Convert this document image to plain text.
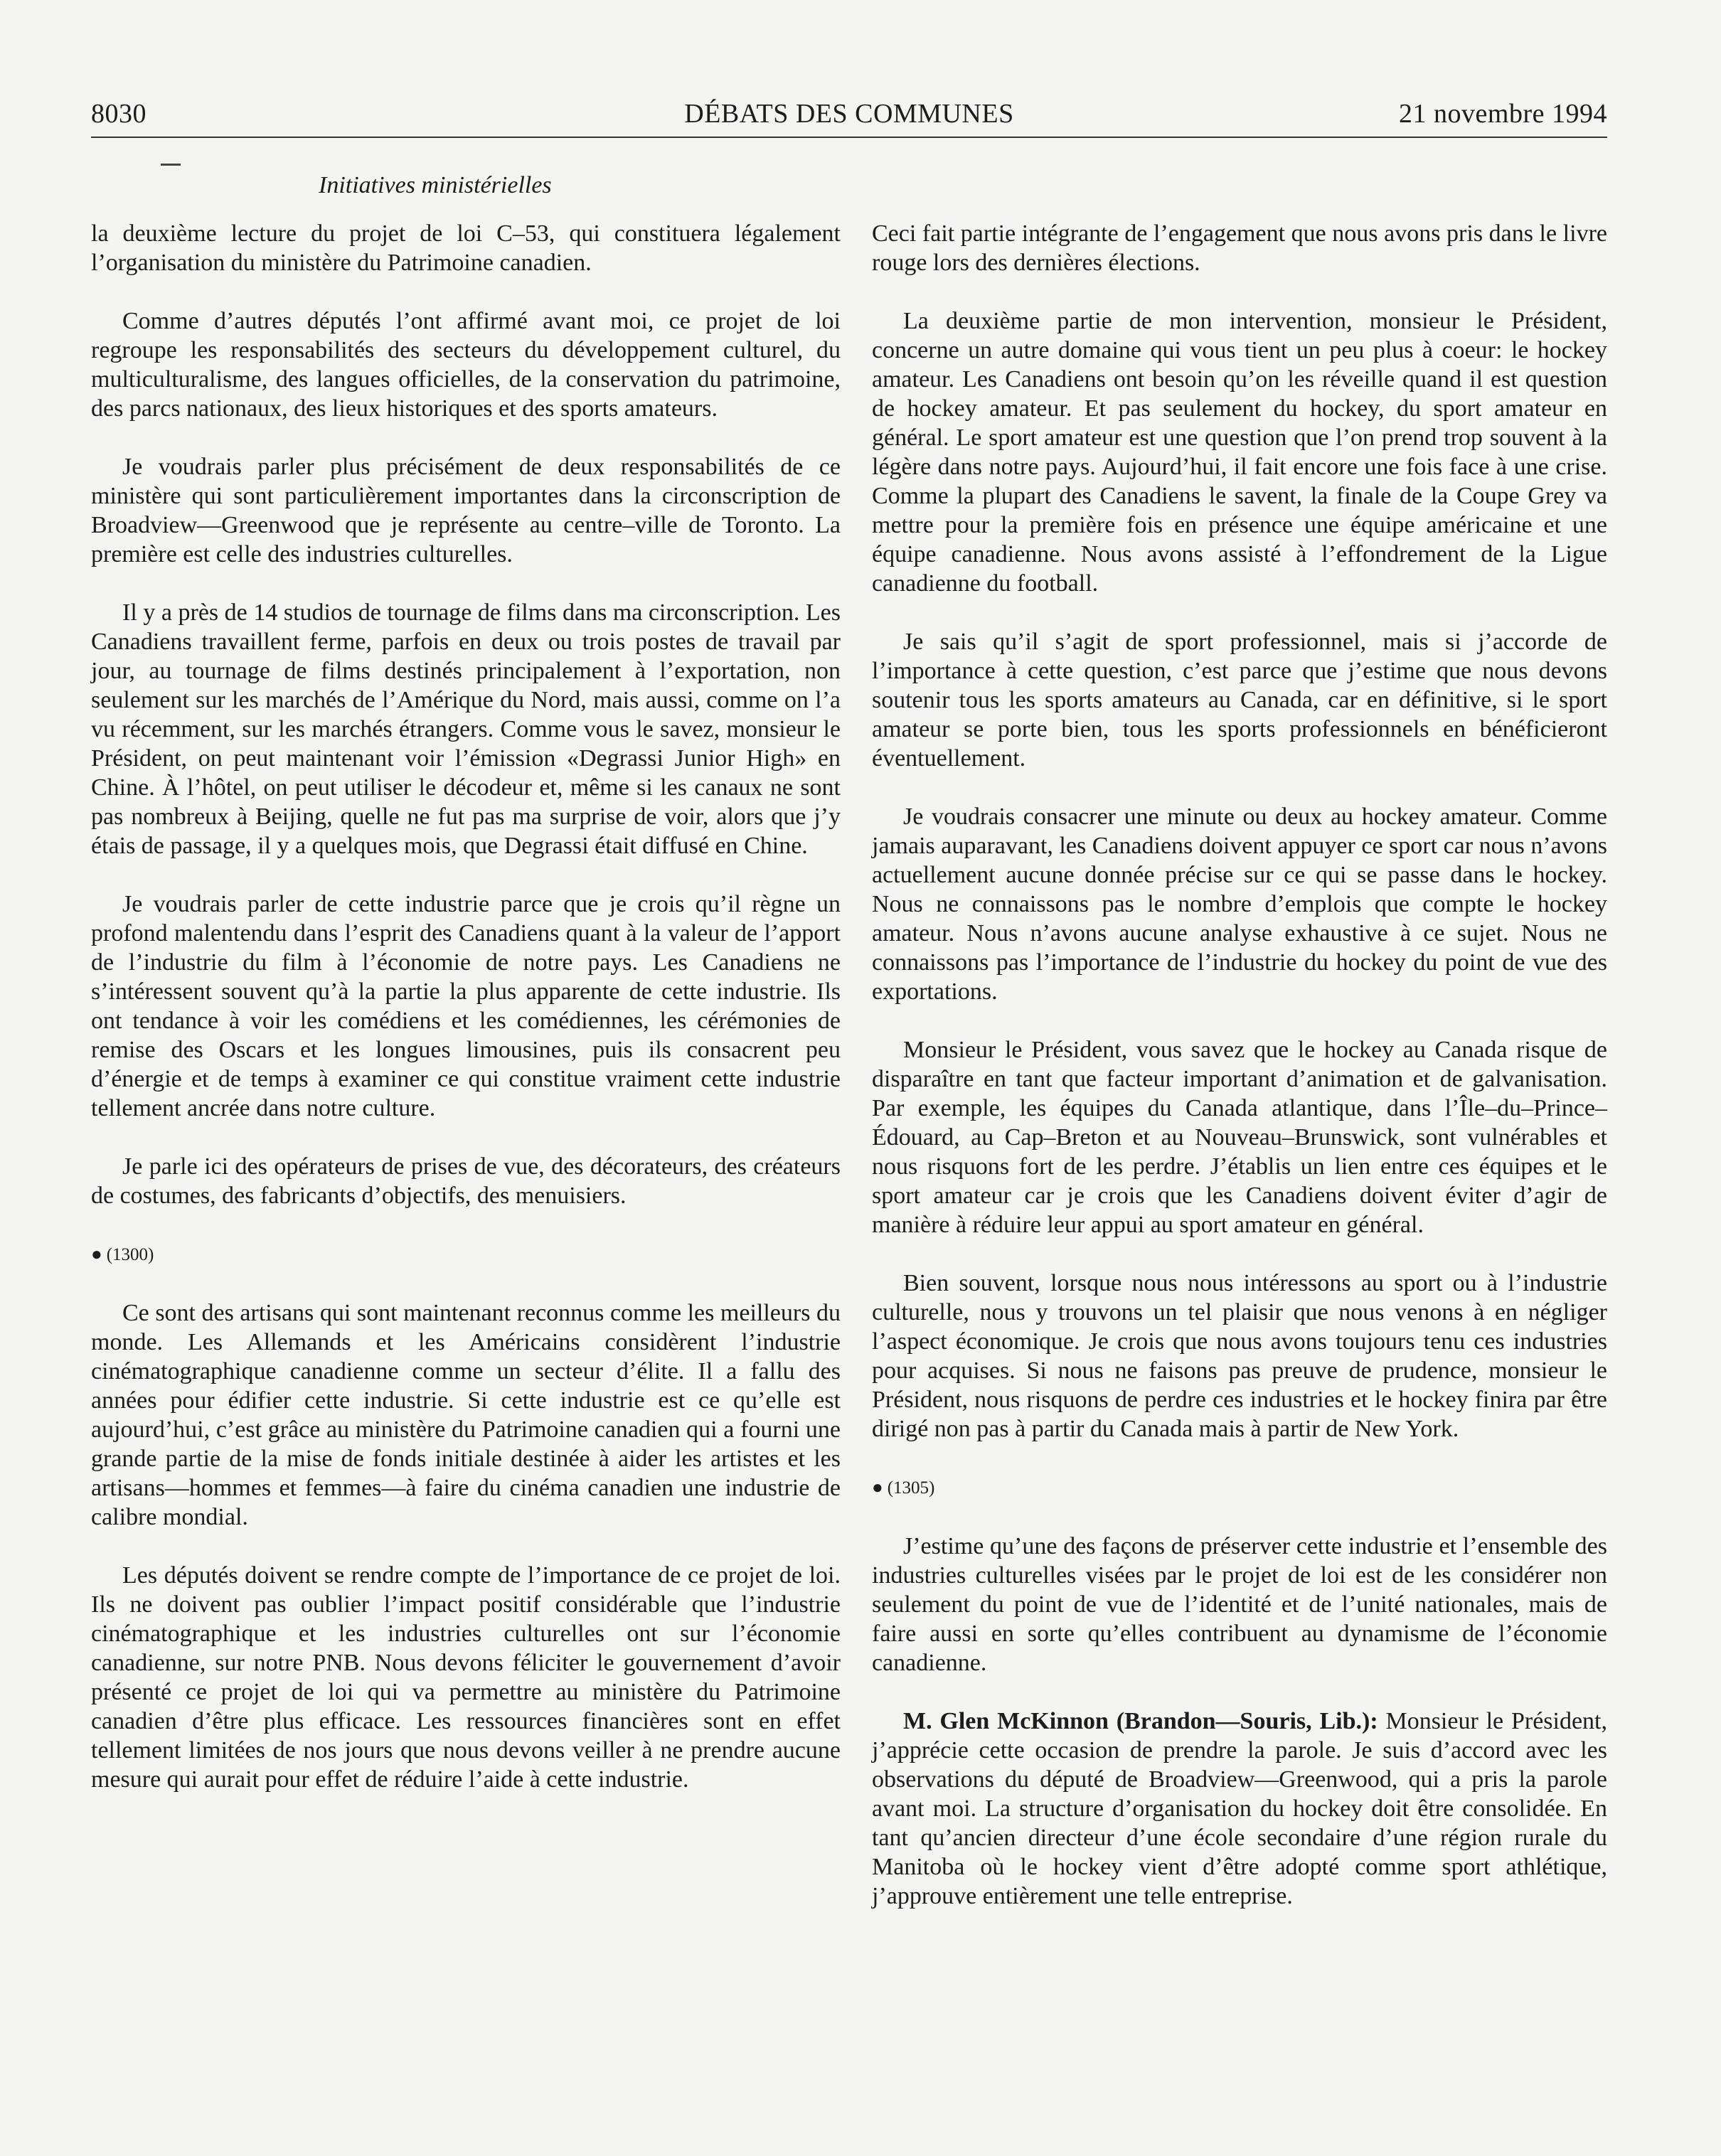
8030	DÉBATS DES COMMUNES	21 novembre 1994
Initiatives ministérielles

la deuxième lecture du projet de loi C–53, qui constituera légalement l’organisation du ministère du Patrimoine canadien.

Comme d’autres députés l’ont affirmé avant moi, ce projet de loi regroupe les responsabilités des secteurs du développement culturel, du multiculturalisme, des langues officielles, de la conservation du patrimoine, des parcs nationaux, des lieux historiques et des sports amateurs.

Je voudrais parler plus précisément de deux responsabilités de ce ministère qui sont particulièrement importantes dans la circonscription de Broadview—Greenwood que je représente au centre–ville de Toronto. La première est celle des industries culturelles.

Il y a près de 14 studios de tournage de films dans ma circonscription. Les Canadiens travaillent ferme, parfois en deux ou trois postes de travail par jour, au tournage de films destinés principalement à l’exportation, non seulement sur les marchés de l’Amérique du Nord, mais aussi, comme on l’a vu récemment, sur les marchés étrangers. Comme vous le savez, monsieur le Président, on peut maintenant voir l’émission «Degrassi Junior High» en Chine. À l’hôtel, on peut utiliser le décodeur et, même si les canaux ne sont pas nombreux à Beijing, quelle ne fut pas ma surprise de voir, alors que j’y étais de passage, il y a quelques mois, que Degrassi était diffusé en Chine.

Je voudrais parler de cette industrie parce que je crois qu’il règne un profond malentendu dans l’esprit des Canadiens quant à la valeur de l’apport de l’industrie du film à l’économie de notre pays. Les Canadiens ne s’intéressent souvent qu’à la partie la plus apparente de cette industrie. Ils ont tendance à voir les comédiens et les comédiennes, les cérémonies de remise des Oscars et les longues limousines, puis ils consacrent peu d’énergie et de temps à examiner ce qui constitue vraiment cette industrie tellement ancrée dans notre culture.

Je parle ici des opérateurs de prises de vue, des décorateurs, des créateurs de costumes, des fabricants d’objectifs, des menuisiers.

● (1300)

Ce sont des artisans qui sont maintenant reconnus comme les meilleurs du monde. Les Allemands et les Américains considèrent l’industrie cinématographique canadienne comme un secteur d’élite. Il a fallu des années pour édifier cette industrie. Si cette industrie est ce qu’elle est aujourd’hui, c’est grâce au ministère du Patrimoine canadien qui a fourni une grande partie de la mise de fonds initiale destinée à aider les artistes et les artisans—hommes et femmes—à faire du cinéma canadien une industrie de calibre mondial.

Les députés doivent se rendre compte de l’importance de ce projet de loi. Ils ne doivent pas oublier l’impact positif considérable que l’industrie cinématographique et les industries culturelles ont sur l’économie canadienne, sur notre PNB. Nous devons féliciter le gouvernement d’avoir présenté ce projet de loi qui va permettre au ministère du Patrimoine canadien d’être plus efficace. Les ressources financières sont en effet tellement limitées de nos jours que nous devons veiller à ne prendre aucune mesure qui aurait pour effet de réduire l’aide à cette industrie.

Ceci fait partie intégrante de l’engagement que nous avons pris dans le livre rouge lors des dernières élections.

La deuxième partie de mon intervention, monsieur le Président, concerne un autre domaine qui vous tient un peu plus à coeur: le hockey amateur. Les Canadiens ont besoin qu’on les réveille quand il est question de hockey amateur. Et pas seulement du hockey, du sport amateur en général. Le sport amateur est une question que l’on prend trop souvent à la légère dans notre pays. Aujourd’hui, il fait encore une fois face à une crise. Comme la plupart des Canadiens le savent, la finale de la Coupe Grey va mettre pour la première fois en présence une équipe américaine et une équipe canadienne. Nous avons assisté à l’effondrement de la Ligue canadienne du football.

Je sais qu’il s’agit de sport professionnel, mais si j’accorde de l’importance à cette question, c’est parce que j’estime que nous devons soutenir tous les sports amateurs au Canada, car en définitive, si le sport amateur se porte bien, tous les sports professionnels en bénéficieront éventuellement.

Je voudrais consacrer une minute ou deux au hockey amateur. Comme jamais auparavant, les Canadiens doivent appuyer ce sport car nous n’avons actuellement aucune donnée précise sur ce qui se passe dans le hockey. Nous ne connaissons pas le nombre d’emplois que compte le hockey amateur. Nous n’avons aucune analyse exhaustive à ce sujet. Nous ne connaissons pas l’importance de l’industrie du hockey du point de vue des exportations.

Monsieur le Président, vous savez que le hockey au Canada risque de disparaître en tant que facteur important d’animation et de galvanisation. Par exemple, les équipes du Canada atlantique, dans l’Île–du–Prince–Édouard, au Cap–Breton et au Nouveau–Brunswick, sont vulnérables et nous risquons fort de les perdre. J’établis un lien entre ces équipes et le sport amateur car je crois que les Canadiens doivent éviter d’agir de manière à réduire leur appui au sport amateur en général.

Bien souvent, lorsque nous nous intéressons au sport ou à l’industrie culturelle, nous y trouvons un tel plaisir que nous venons à en négliger l’aspect économique. Je crois que nous avons toujours tenu ces industries pour acquises. Si nous ne faisons pas preuve de prudence, monsieur le Président, nous risquons de perdre ces industries et le hockey finira par être dirigé non pas à partir du Canada mais à partir de New York.

● (1305)

J’estime qu’une des façons de préserver cette industrie et l’ensemble des industries culturelles visées par le projet de loi est de les considérer non seulement du point de vue de l’identité et de l’unité nationales, mais de faire aussi en sorte qu’elles contribuent au dynamisme de l’économie canadienne.

M. Glen McKinnon (Brandon—Souris, Lib.): Monsieur le Président, j’apprécie cette occasion de prendre la parole. Je suis d’accord avec les observations du député de Broadview—Greenwood, qui a pris la parole avant moi. La structure d’organisation du hockey doit être consolidée. En tant qu’ancien directeur d’une école secondaire d’une région rurale du Manitoba où le hockey vient d’être adopté comme sport athlétique, j’approuve entièrement une telle entreprise.
